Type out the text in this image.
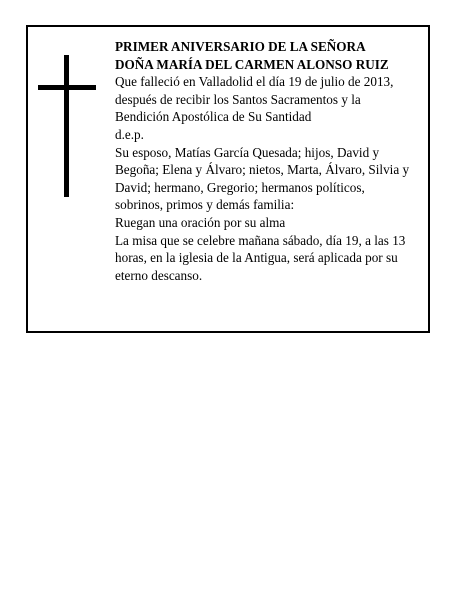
PRIMER ANIVERSARIO DE LA SEÑORA
DOÑA MARÍA DEL CARMEN ALONSO RUIZ
Que falleció en Valladolid el día 19 de julio de 2013,
después de recibir los Santos Sacramentos y la
Bendición Apostólica de Su Santidad
d.e.p.
Su esposo, Matías García Quesada; hijos, David y
Begoña; Elena y Álvaro; nietos, Marta, Álvaro, Silvia y
David; hermano, Gregorio; hermanos políticos,
sobrinos, primos y demás familia:
Ruegan una oración por su alma
La misa que se celebre mañana sábado, día 19, a las 13
horas, en la iglesia de la Antigua, será aplicada por su
eterno descanso.
